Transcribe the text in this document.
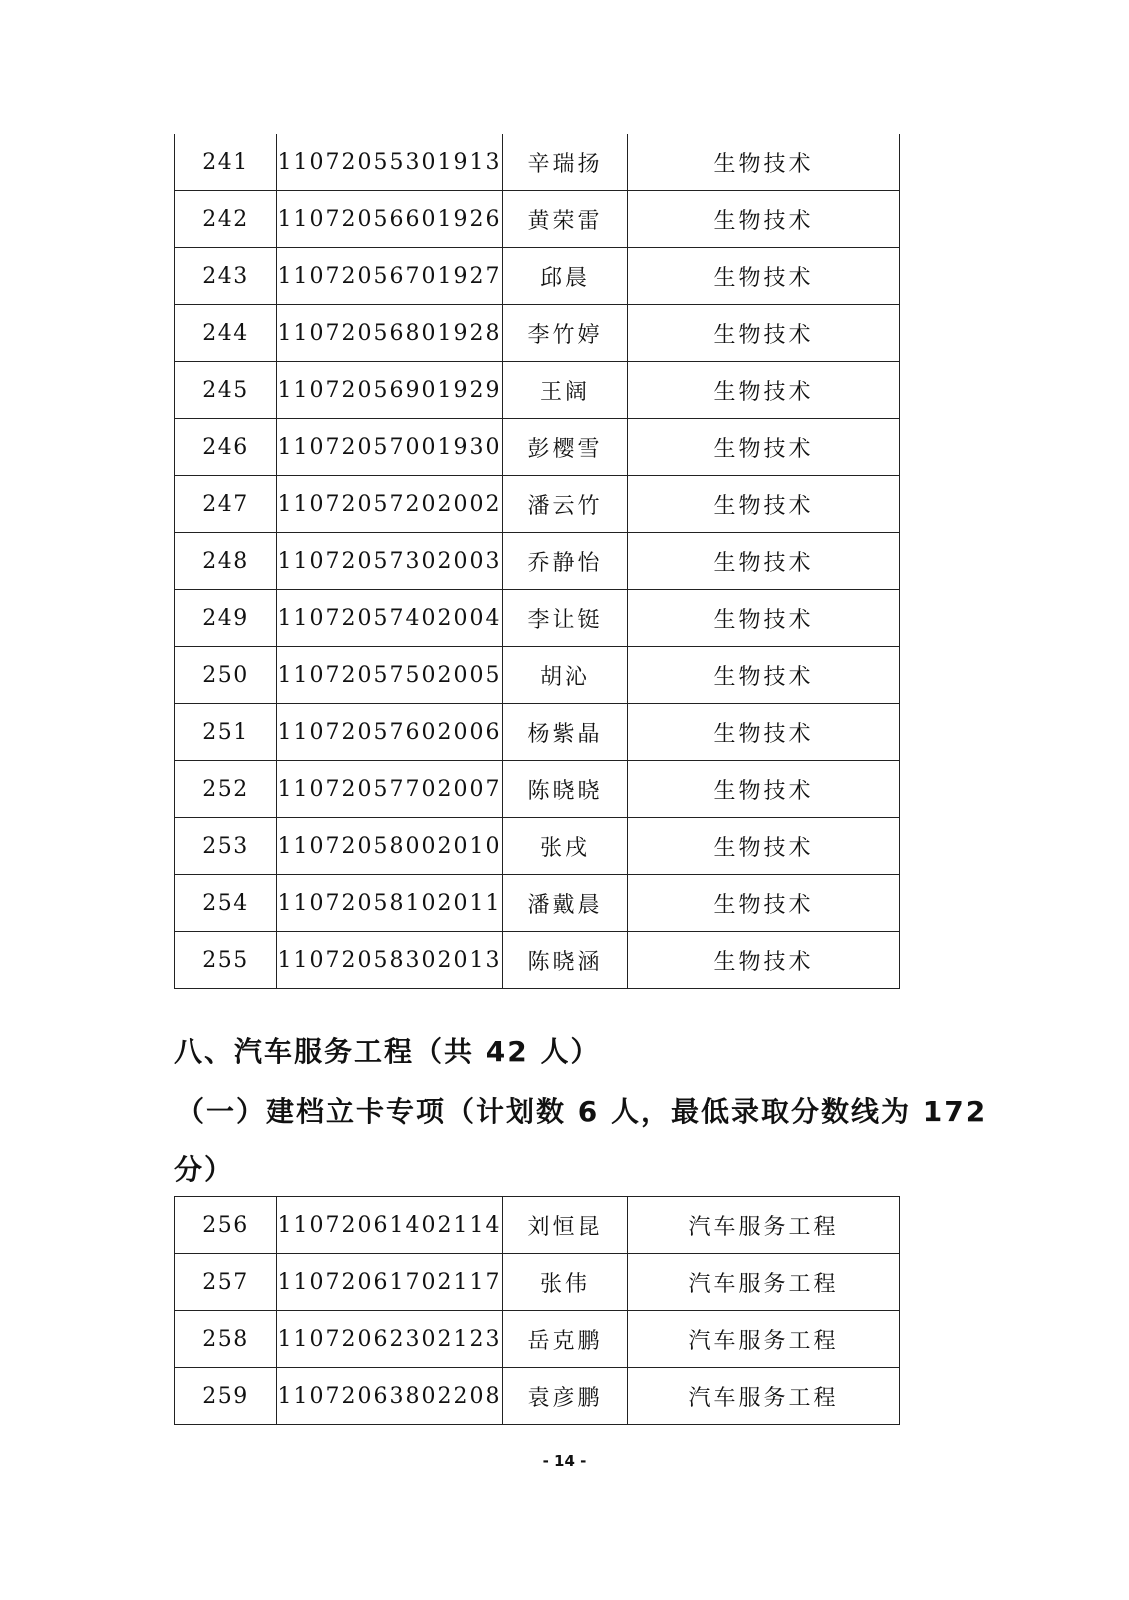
241	11072055301913	辛瑞扬	生物技术
242	11072056601926	黄荣雷	生物技术
243	11072056701927	邱晨	生物技术
244	11072056801928	李竹婷	生物技术
245	11072056901929	王阔	生物技术
246	11072057001930	彭樱雪	生物技术
247	11072057202002	潘云竹	生物技术
248	11072057302003	乔静怡	生物技术
249	11072057402004	李让铤	生物技术
250	11072057502005	胡沁	生物技术
251	11072057602006	杨紫晶	生物技术
252	11072057702007	陈晓晓	生物技术
253	11072058002010	张戌	生物技术
254	11072058102011	潘戴晨	生物技术
255	11072058302013	陈晓涵	生物技术
八、汽车服务工程（共 42 人）
（一）建档立卡专项（计划数 6 人，最低录取分数线为 172
分）
256	11072061402114	刘恒昆	汽车服务工程
257	11072061702117	张伟	汽车服务工程
258	11072062302123	岳克鹏	汽车服务工程
259	11072063802208	袁彦鹏	汽车服务工程
- 14 -
